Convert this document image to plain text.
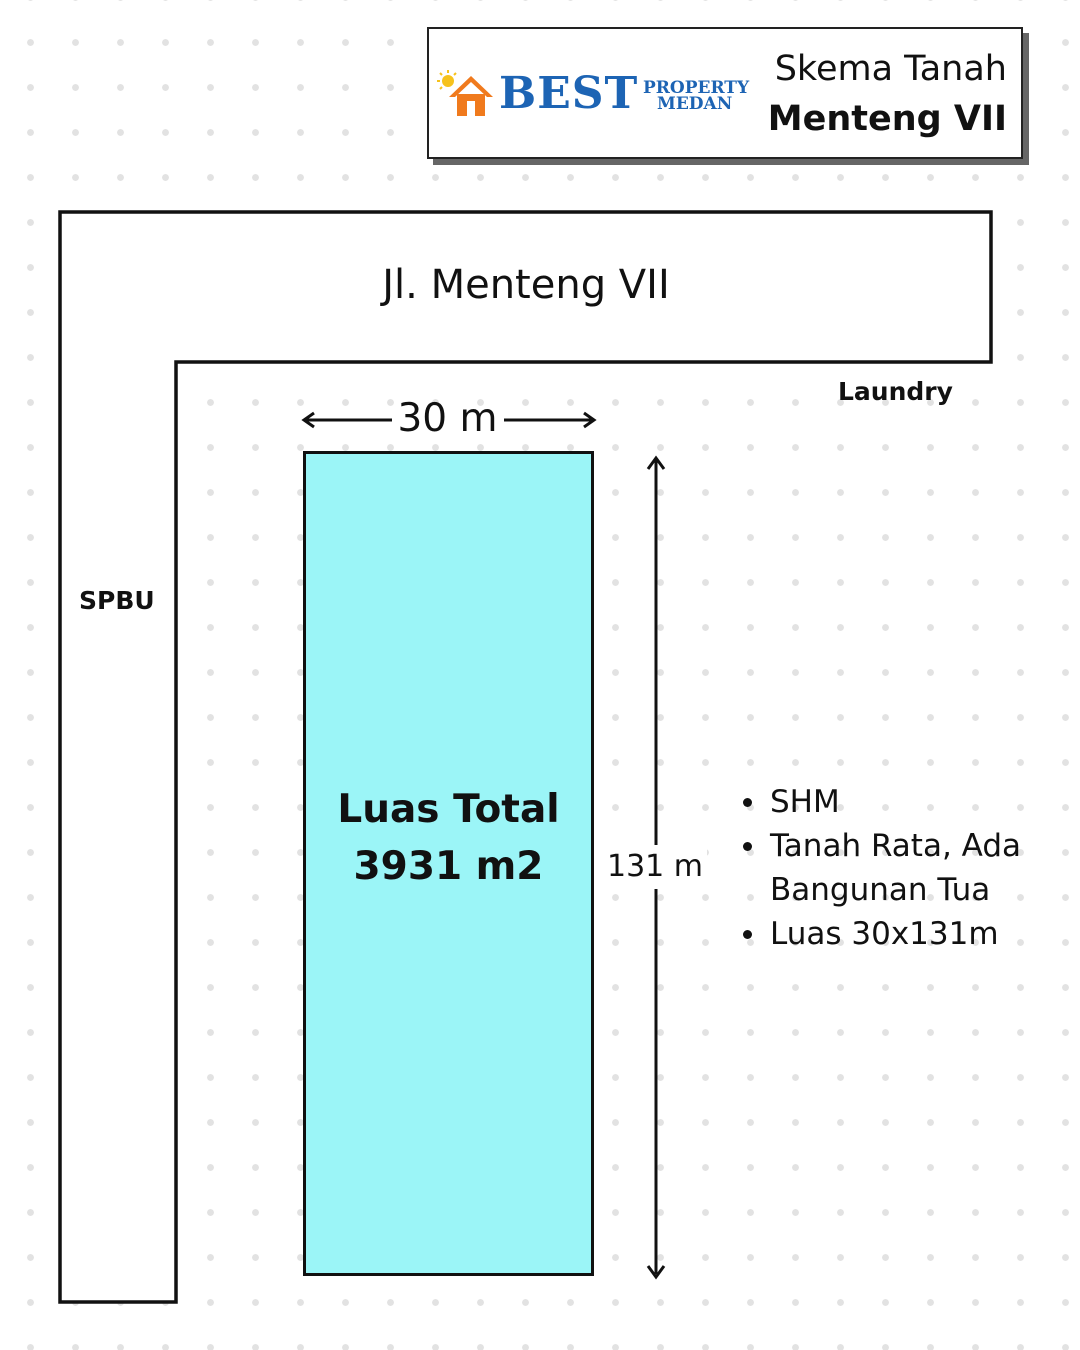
BEST PROPERTY
MEDAN
Skema Tanah
Menteng VII
Jl. Menteng VII
Laundry
SPBU
30 m
131 m
Luas Total
3931 m2
SHM
Tanah Rata, Ada Bangunan Tua
Luas 30x131m
